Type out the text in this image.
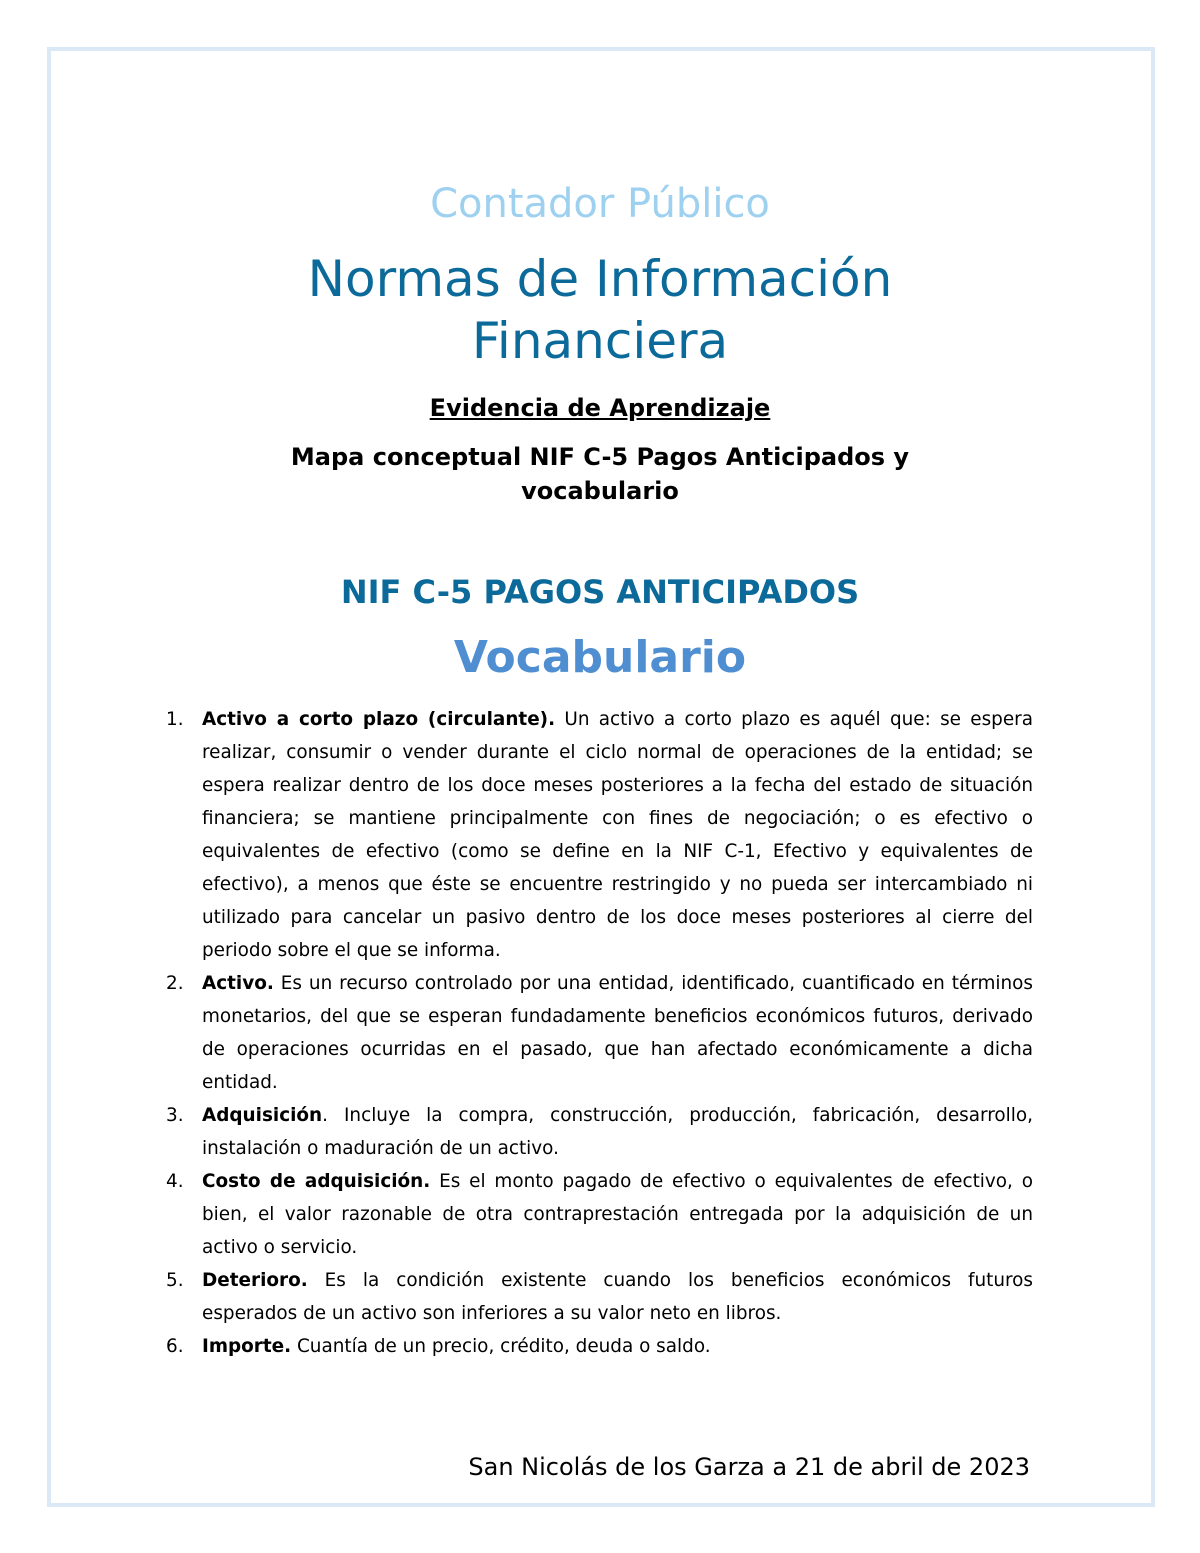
Contador Público
Normas de Información
Financiera
Evidencia de Aprendizaje
Mapa conceptual NIF C-5 Pagos Anticipados y vocabulario
NIF C-5 PAGOS ANTICIPADOS
Vocabulario
1. Activo a corto plazo (circulante). Un activo a corto plazo es aquél que: se espera realizar, consumir o vender durante el ciclo normal de operaciones de la entidad; se espera realizar dentro de los doce meses posteriores a la fecha del estado de situación financiera; se mantiene principalmente con fines de negociación; o es efectivo o equivalentes de efectivo (como se define en la NIF C-1, Efectivo y equivalentes de efectivo), a menos que éste se encuentre restringido y no pueda ser intercambiado ni utilizado para cancelar un pasivo dentro de los doce meses posteriores al cierre del periodo sobre el que se informa.
2. Activo. Es un recurso controlado por una entidad, identificado, cuantificado en términos monetarios, del que se esperan fundadamente beneficios económicos futuros, derivado de operaciones ocurridas en el pasado, que han afectado económicamente a dicha entidad.
3. Adquisición. Incluye la compra, construcción, producción, fabricación, desarrollo, instalación o maduración de un activo.
4. Costo de adquisición. Es el monto pagado de efectivo o equivalentes de efectivo, o bien, el valor razonable de otra contraprestación entregada por la adquisición de un activo o servicio.
5. Deterioro. Es la condición existente cuando los beneficios económicos futuros esperados de un activo son inferiores a su valor neto en libros.
6. Importe. Cuantía de un precio, crédito, deuda o saldo.
San Nicolás de los Garza a 21 de abril de 2023
